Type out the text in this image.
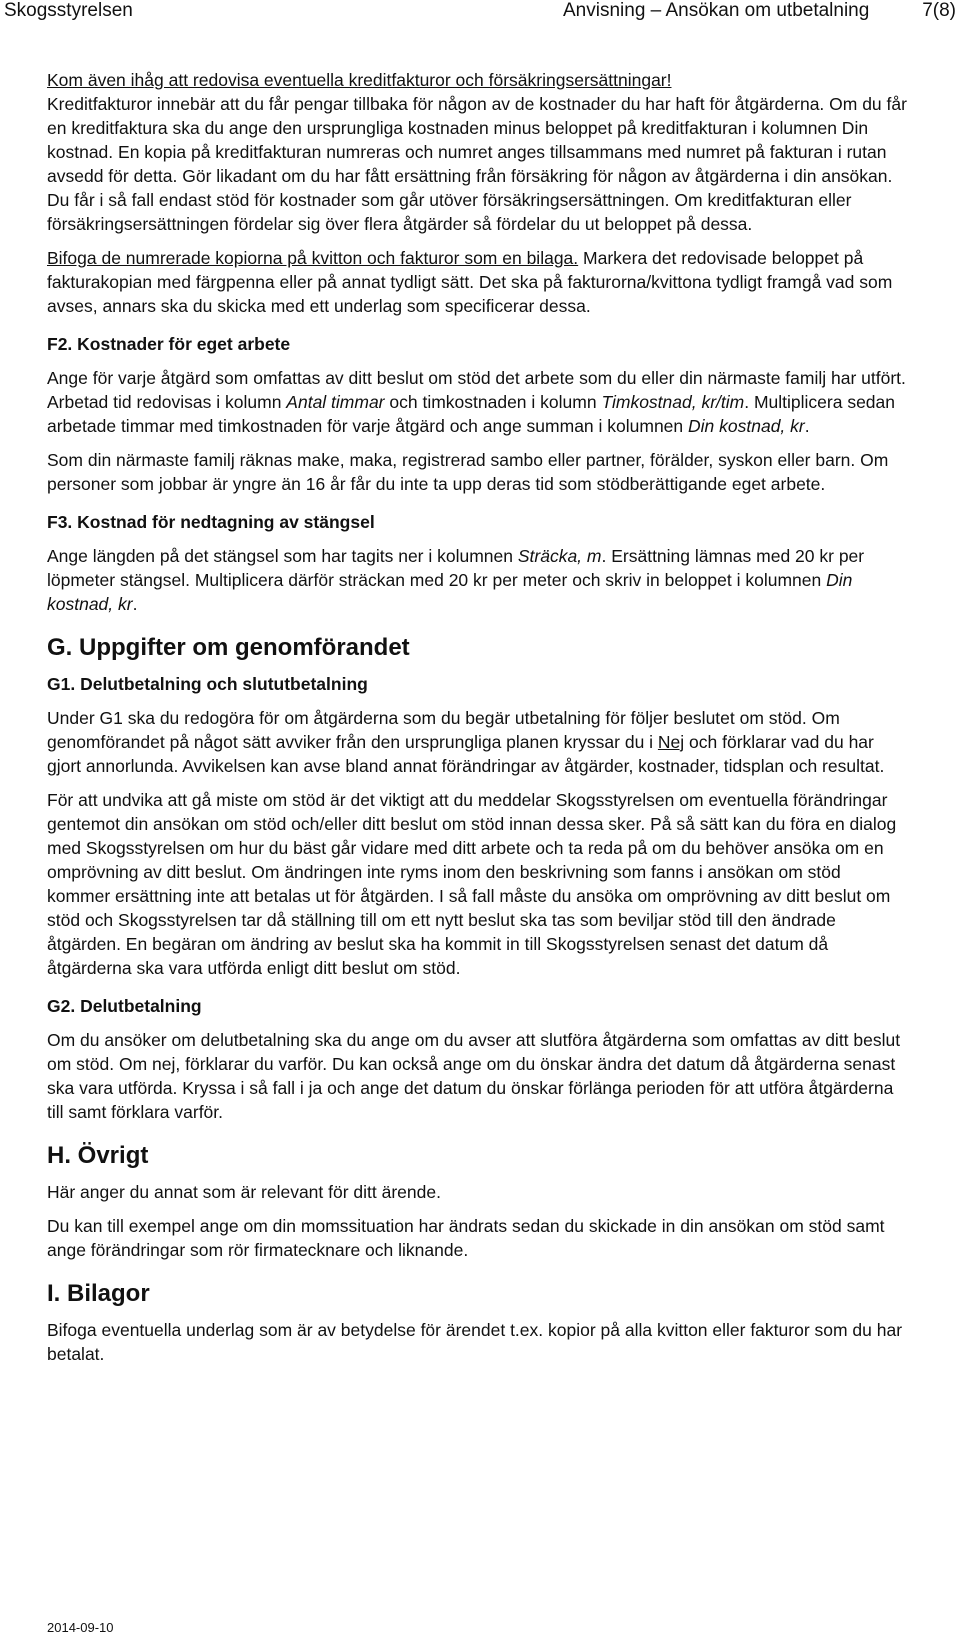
Skogsstyrelsen	Anvisning – Ansökan om utbetalning	7(8)

Kom även ihåg att redovisa eventuella kreditfakturor och försäkringsersättningar!
Kreditfakturor innebär att du får pengar tillbaka för någon av de kostnader du har haft för åtgärderna. Om du får en kreditfaktura ska du ange den ursprungliga kostnaden minus beloppet på kreditfakturan i kolumnen Din kostnad. En kopia på kreditfakturan numreras och numret anges tillsammans med numret på fakturan i rutan avsedd för detta. Gör likadant om du har fått ersättning från försäkring för någon av åtgärderna i din ansökan. Du får i så fall endast stöd för kostnader som går utöver försäkringsersättningen. Om kreditfakturan eller försäkringsersättningen fördelar sig över flera åtgärder så fördelar du ut beloppet på dessa.

Bifoga de numrerade kopiorna på kvitton och fakturor som en bilaga. Markera det redovisade beloppet på fakturakopian med färgpenna eller på annat tydligt sätt. Det ska på fakturorna/kvittona tydligt framgå vad som avses, annars ska du skicka med ett underlag som specificerar dessa.

F2. Kostnader för eget arbete

Ange för varje åtgärd som omfattas av ditt beslut om stöd det arbete som du eller din närmaste familj har utfört. Arbetad tid redovisas i kolumn Antal timmar och timkostnaden i kolumn Timkostnad, kr/tim. Multiplicera sedan arbetade timmar med timkostnaden för varje åtgärd och ange summan i kolumnen Din kostnad, kr.

Som din närmaste familj räknas make, maka, registrerad sambo eller partner, förälder, syskon eller barn. Om personer som jobbar är yngre än 16 år får du inte ta upp deras tid som stödberättigande eget arbete.

F3. Kostnad för nedtagning av stängsel

Ange längden på det stängsel som har tagits ner i kolumnen Sträcka, m. Ersättning lämnas med 20 kr per löpmeter stängsel. Multiplicera därför sträckan med 20 kr per meter och skriv in beloppet i kolumnen Din kostnad, kr.

G. Uppgifter om genomförandet
G1. Delutbetalning och slututbetalning

Under G1 ska du redogöra för om åtgärderna som du begär utbetalning för följer beslutet om stöd. Om genomförandet på något sätt avviker från den ursprungliga planen kryssar du i Nej och förklarar vad du har gjort annorlunda. Avvikelsen kan avse bland annat förändringar av åtgärder, kostnader, tidsplan och resultat.

För att undvika att gå miste om stöd är det viktigt att du meddelar Skogsstyrelsen om eventuella förändringar gentemot din ansökan om stöd och/eller ditt beslut om stöd innan dessa sker. På så sätt kan du föra en dialog med Skogsstyrelsen om hur du bäst går vidare med ditt arbete och ta reda på om du behöver ansöka om en omprövning av ditt beslut. Om ändringen inte ryms inom den beskrivning som fanns i ansökan om stöd kommer ersättning inte att betalas ut för åtgärden. I så fall måste du ansöka om omprövning av ditt beslut om stöd och Skogsstyrelsen tar då ställning till om ett nytt beslut ska tas som beviljar stöd till den ändrade åtgärden. En begäran om ändring av beslut ska ha kommit in till Skogsstyrelsen senast det datum då åtgärderna ska vara utförda enligt ditt beslut om stöd.

G2. Delutbetalning

Om du ansöker om delutbetalning ska du ange om du avser att slutföra åtgärderna som omfattas av ditt beslut om stöd. Om nej, förklarar du varför. Du kan också ange om du önskar ändra det datum då åtgärderna senast ska vara utförda. Kryssa i så fall i ja och ange det datum du önskar förlänga perioden för att utföra åtgärderna till samt förklara varför.

H. Övrigt

Här anger du annat som är relevant för ditt ärende.

Du kan till exempel ange om din momssituation har ändrats sedan du skickade in din ansökan om stöd samt ange förändringar som rör firmatecknare och liknande.

I. Bilagor

Bifoga eventuella underlag som är av betydelse för ärendet t.ex. kopior på alla kvitton eller fakturor som du har betalat.

2014-09-10
